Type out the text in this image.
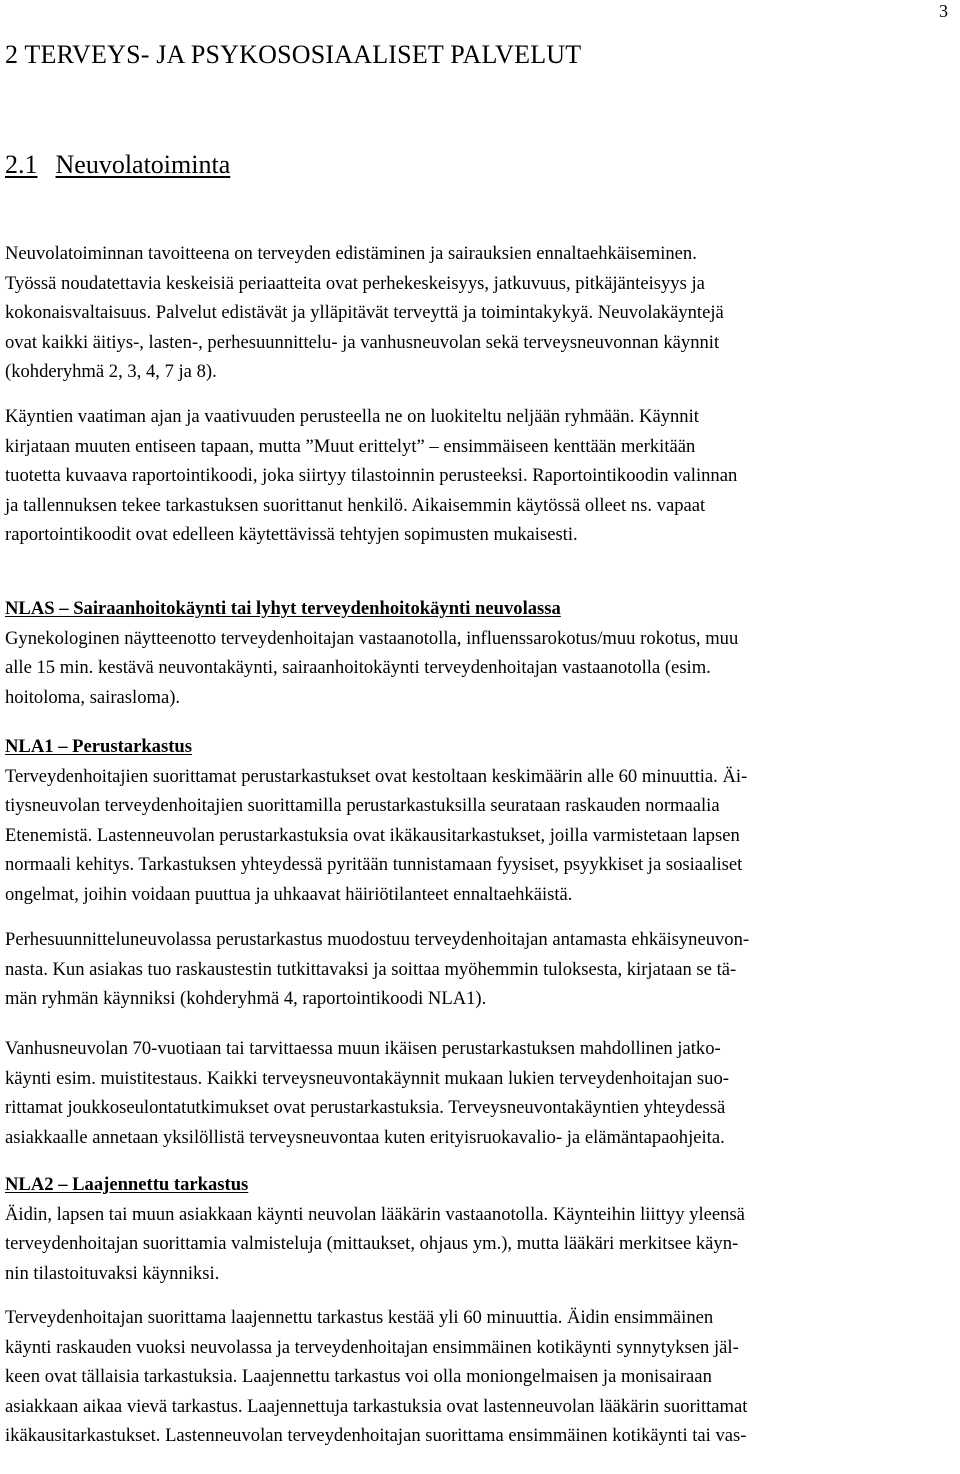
3
2 TERVEYS- JA PSYKOSOSIAALISET PALVELUT
2.1 Neuvolatoiminta
Neuvolatoiminnan tavoitteena on terveyden edistäminen ja sairauksien ennaltaehkäiseminen.
Työssä noudatettavia keskeisiä periaatteita ovat perhekeskeisyys, jatkuvuus, pitkäjänteisyys ja
kokonaisvaltaisuus. Palvelut edistävät ja ylläpitävät terveyttä ja toimintakykyä. Neuvolakäyntejä
ovat kaikki äitiys-, lasten-, perhesuunnittelu- ja vanhusneuvolan sekä terveysneuvonnan käynnit
(kohderyhmä 2, 3, 4, 7 ja 8).
Käyntien vaatiman ajan ja vaativuuden perusteella ne on luokiteltu neljään ryhmään. Käynnit
kirjataan muuten entiseen tapaan, mutta ”Muut erittelyt” – ensimmäiseen kenttään merkitään
tuotetta kuvaava raportointikoodi, joka siirtyy tilastoinnin perusteeksi. Raportointikoodin valinnan
ja tallennuksen tekee tarkastuksen suorittanut henkilö. Aikaisemmin käytössä olleet ns. vapaat
raportointikoodit ovat edelleen käytettävissä tehtyjen sopimusten mukaisesti.
NLAS – Sairaanhoitokäynti tai lyhyt terveydenhoitokäynti neuvolassa
Gynekologinen näytteenotto terveydenhoitajan vastaanotolla, influenssarokotus/muu rokotus, muu
alle 15 min. kestävä neuvontakäynti, sairaanhoitokäynti terveydenhoitajan vastaanotolla (esim.
hoitoloma, sairasloma).
NLA1 – Perustarkastus
Terveydenhoitajien suorittamat perustarkastukset ovat kestoltaan keskimäärin alle 60 minuuttia. Äi-
tiysneuvolan terveydenhoitajien suorittamilla perustarkastuksilla seurataan raskauden normaalia
Etenemistä. Lastenneuvolan perustarkastuksia ovat ikäkausitarkastukset, joilla varmistetaan lapsen
normaali kehitys. Tarkastuksen yhteydessä pyritään tunnistamaan fyysiset, psyykkiset ja sosiaaliset
ongelmat, joihin voidaan puuttua ja uhkaavat häiriötilanteet ennaltaehkäistä.
Perhesuunnitteluneuvolassa perustarkastus muodostuu terveydenhoitajan antamasta ehkäisyneuvon-
nasta. Kun asiakas tuo raskaustestin tutkittavaksi ja soittaa myöhemmin tuloksesta, kirjataan se tä-
män ryhmän käynniksi (kohderyhmä 4, raportointikoodi NLA1).
Vanhusneuvolan 70-vuotiaan tai tarvittaessa muun ikäisen perustarkastuksen mahdollinen jatko-
käynti esim. muistitestaus. Kaikki terveysneuvontakäynnit mukaan lukien terveydenhoitajan suo-
rittamat joukkoseulontatutkimukset ovat perustarkastuksia. Terveysneuvontakäyntien yhteydessä
asiakkaalle annetaan yksilöllistä terveysneuvontaa kuten erityisruokavalio- ja elämäntapaohjeita.
NLA2 – Laajennettu tarkastus
Äidin, lapsen tai muun asiakkaan käynti neuvolan lääkärin vastaanotolla. Käynteihin liittyy yleensä
terveydenhoitajan suorittamia valmisteluja (mittaukset, ohjaus ym.), mutta lääkäri merkitsee käyn-
nin tilastoituvaksi käynniksi.
Terveydenhoitajan suorittama laajennettu tarkastus kestää yli 60 minuuttia. Äidin ensimmäinen
käynti raskauden vuoksi neuvolassa ja terveydenhoitajan ensimmäinen kotikäynti synnytyksen jäl-
keen ovat tällaisia tarkastuksia. Laajennettu tarkastus voi olla moniongelmaisen ja monisairaan
asiakkaan aikaa vievä tarkastus. Laajennettuja tarkastuksia ovat lastenneuvolan lääkärin suorittamat
ikäkausitarkastukset. Lastenneuvolan terveydenhoitajan suorittama ensimmäinen kotikäynti tai vas-
